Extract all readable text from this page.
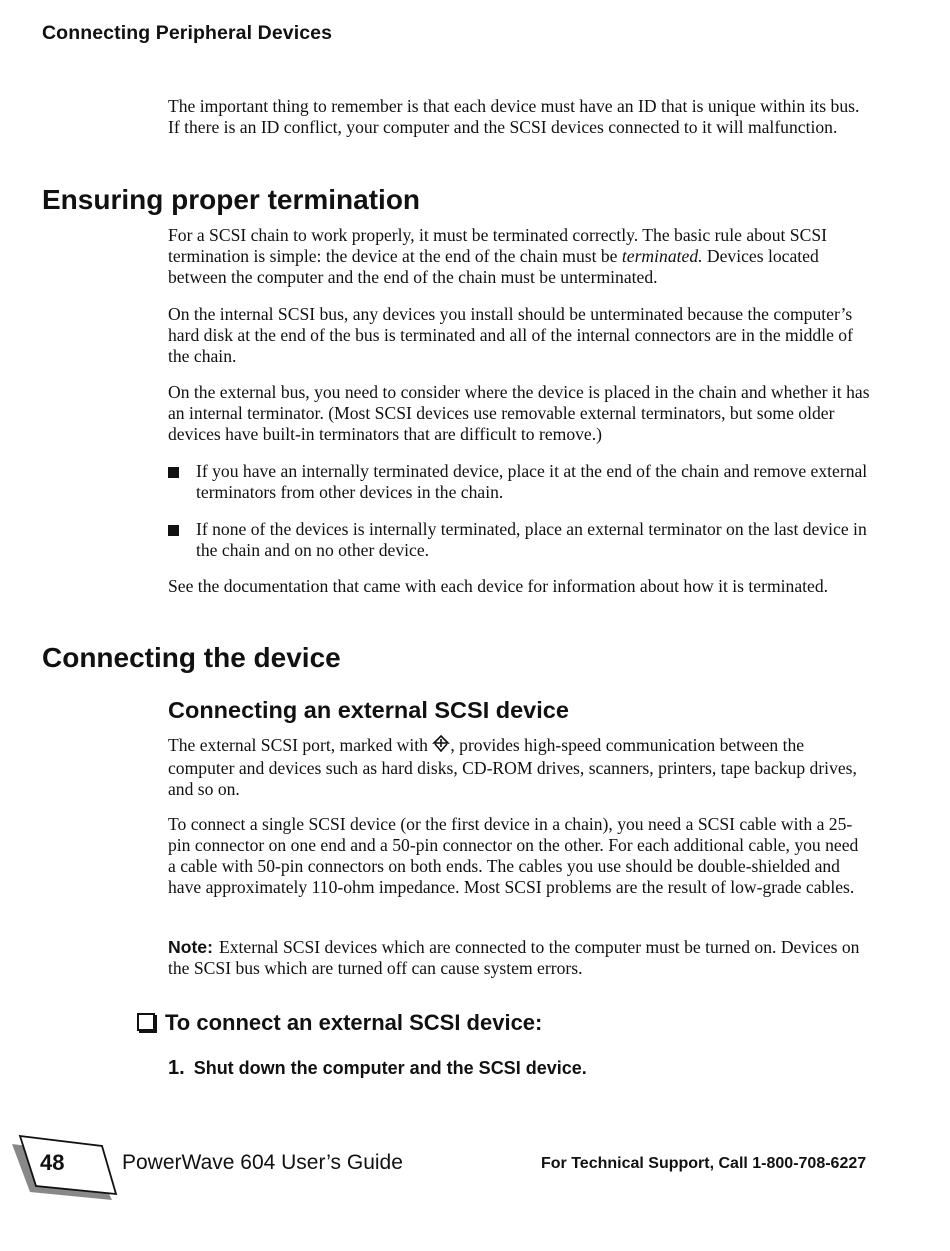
Connecting Peripheral Devices

The important thing to remember is that each device must have an ID that is unique within its bus. If there is an ID conflict, your computer and the SCSI devices connected to it will malfunction.

Ensuring proper termination

For a SCSI chain to work properly, it must be terminated correctly. The basic rule about SCSI termination is simple: the device at the end of the chain must be terminated. Devices located between the computer and the end of the chain must be unterminated.

On the internal SCSI bus, any devices you install should be unterminated because the computer’s hard disk at the end of the bus is terminated and all of the internal connectors are in the middle of the chain.

On the external bus, you need to consider where the device is placed in the chain and whether it has an internal terminator. (Most SCSI devices use removable external terminators, but some older devices have built-in terminators that are difficult to remove.)

If you have an internally terminated device, place it at the end of the chain and remove external terminators from other devices in the chain.
If none of the devices is internally terminated, place an external terminator on the last device in the chain and on no other device.

See the documentation that came with each device for information about how it is terminated.

Connecting the device
Connecting an external SCSI device

The external SCSI port, marked with , provides high-speed communication between the computer and devices such as hard disks, CD-ROM drives, scanners, printers, tape backup drives, and so on.

To connect a single SCSI device (or the first device in a chain), you need a SCSI cable with a 25-pin connector on one end and a 50-pin connector on the other. For each additional cable, you need a cable with 50-pin connectors on both ends. The cables you use should be double-shielded and have approximately 110-ohm impedance. Most SCSI problems are the result of low-grade cables.

Note: External SCSI devices which are connected to the computer must be turned on. Devices on the SCSI bus which are turned off can cause system errors.

To connect an external SCSI device:
1. Shut down the computer and the SCSI device.
48	PowerWave 604 User’s Guide	For Technical Support, Call 1-800-708-6227
